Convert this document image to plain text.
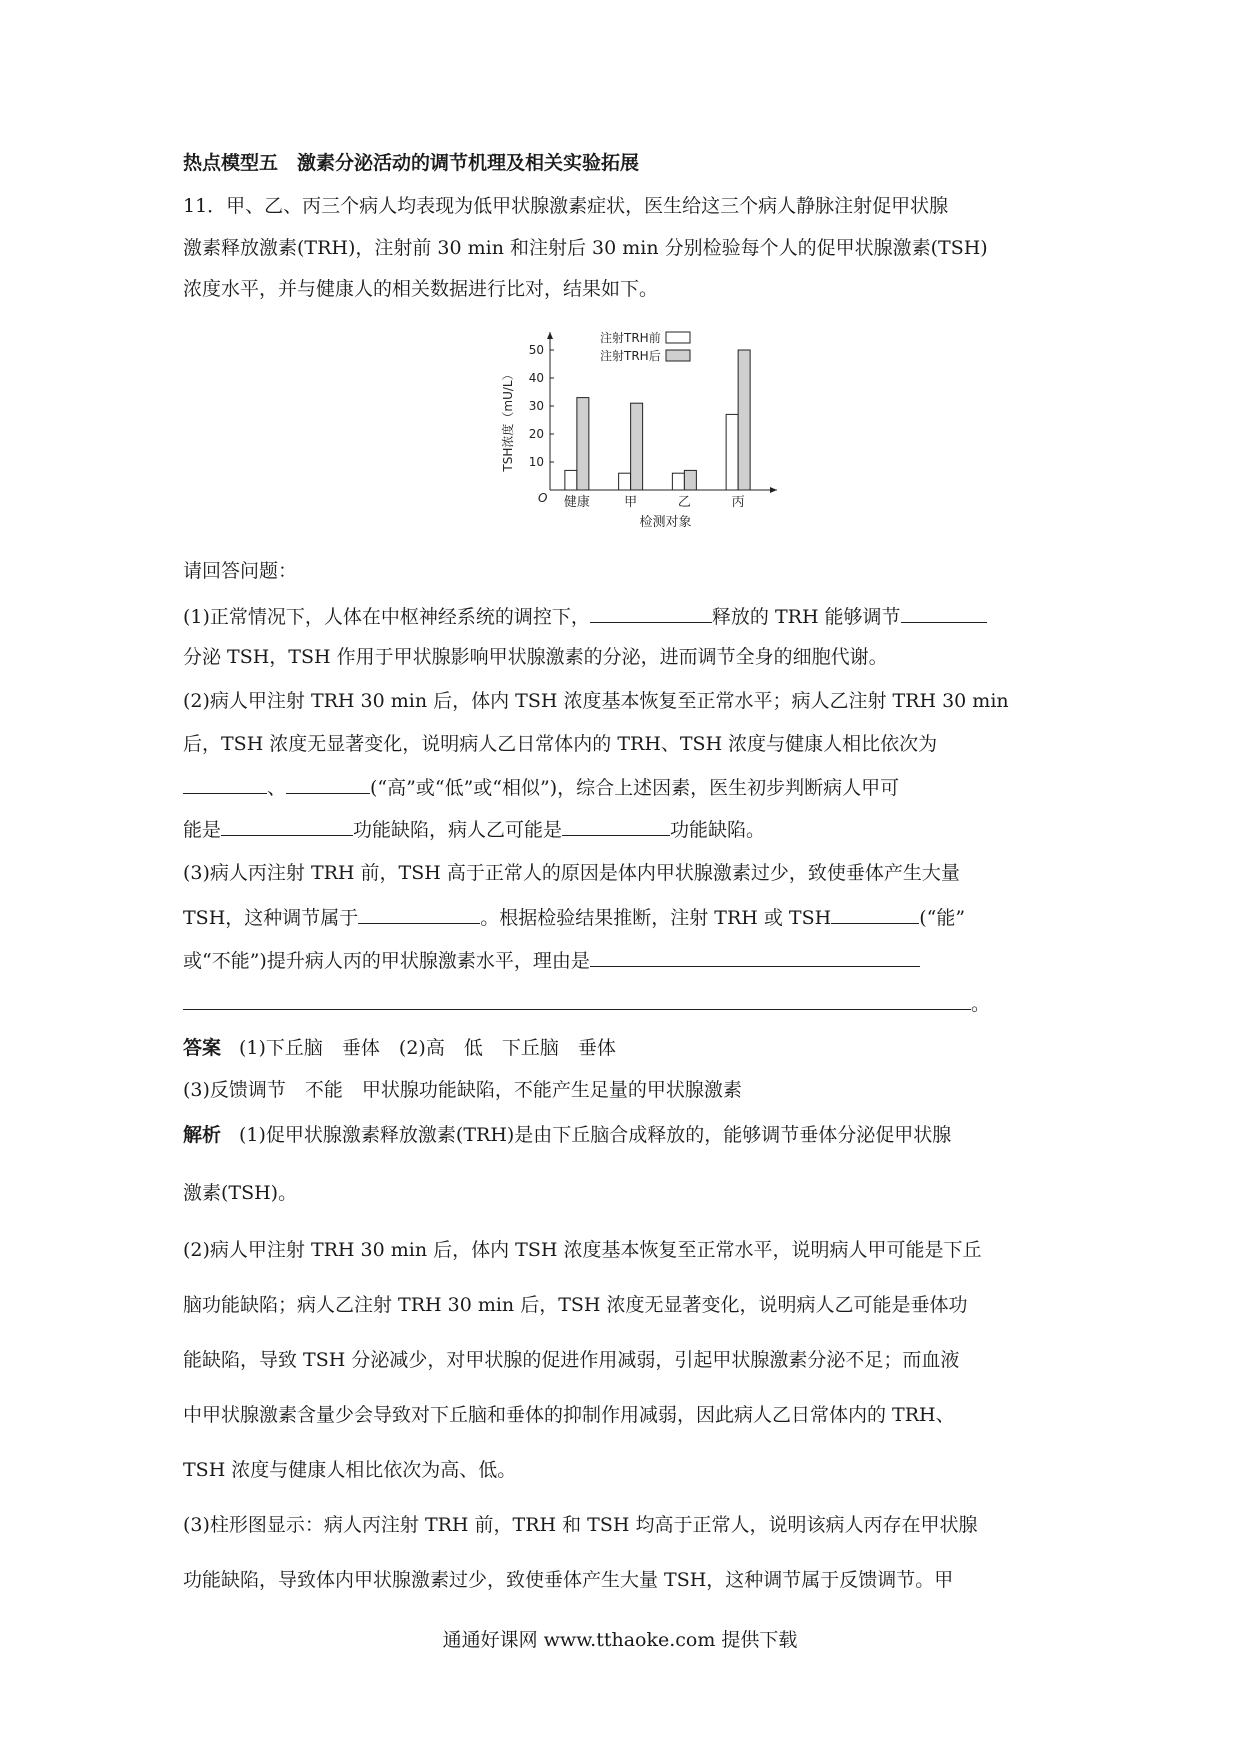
热点模型五　激素分泌活动的调节机理及相关实验拓展
11．甲、乙、丙三个病人均表现为低甲状腺激素症状，医生给这三个病人静脉注射促甲状腺
激素释放激素(TRH)，注射前 30 min 和注射后 30 min 分别检验每个人的促甲状腺激素(TSH)
浓度水平，并与健康人的相关数据进行比对，结果如下。
10
20
30
40
50
O
TSH浓度（mU/L）
健康	甲	乙	丙
检测对象
注射TRH前
注射TRH后
请回答问题：
(1)正常情况下，人体在中枢神经系统的调控下，	释放的 TRH 能够调节
分泌 TSH，TSH 作用于甲状腺影响甲状腺激素的分泌，进而调节全身的细胞代谢。
(2)病人甲注射 TRH 30 min 后，体内 TSH 浓度基本恢复至正常水平；病人乙注射 TRH 30 min
后，TSH 浓度无显著变化，说明病人乙日常体内的 TRH、TSH 浓度与健康人相比依次为
、	(“高”或“低”或“相似”)，综合上述因素，医生初步判断病人甲可
能是	功能缺陷，病人乙可能是	功能缺陷。
(3)病人丙注射 TRH 前，TSH 高于正常人的原因是体内甲状腺激素过少，致使垂体产生大量
TSH，这种调节属于	。根据检验结果推断，注射 TRH 或 TSH	(“能”
或“不能”)提升病人丙的甲状腺激素水平，理由是
。
答案 (1)下丘脑　垂体　(2)高　低　下丘脑　垂体
(3)反馈调节　不能　甲状腺功能缺陷，不能产生足量的甲状腺激素
解析 (1)促甲状腺激素释放激素(TRH)是由下丘脑合成释放的，能够调节垂体分泌促甲状腺
激素(TSH)。
(2)病人甲注射 TRH 30 min 后，体内 TSH 浓度基本恢复至正常水平，说明病人甲可能是下丘
脑功能缺陷；病人乙注射 TRH 30 min 后，TSH 浓度无显著变化，说明病人乙可能是垂体功
能缺陷，导致 TSH 分泌减少，对甲状腺的促进作用减弱，引起甲状腺激素分泌不足；而血液
中甲状腺激素含量少会导致对下丘脑和垂体的抑制作用减弱，因此病人乙日常体内的 TRH、
TSH 浓度与健康人相比依次为高、低。
(3)柱形图显示：病人丙注射 TRH 前，TRH 和 TSH 均高于正常人，说明该病人丙存在甲状腺
功能缺陷，导致体内甲状腺激素过少，致使垂体产生大量 TSH，这种调节属于反馈调节。甲
通通好课网 www.tthaoke.com 提供下载
